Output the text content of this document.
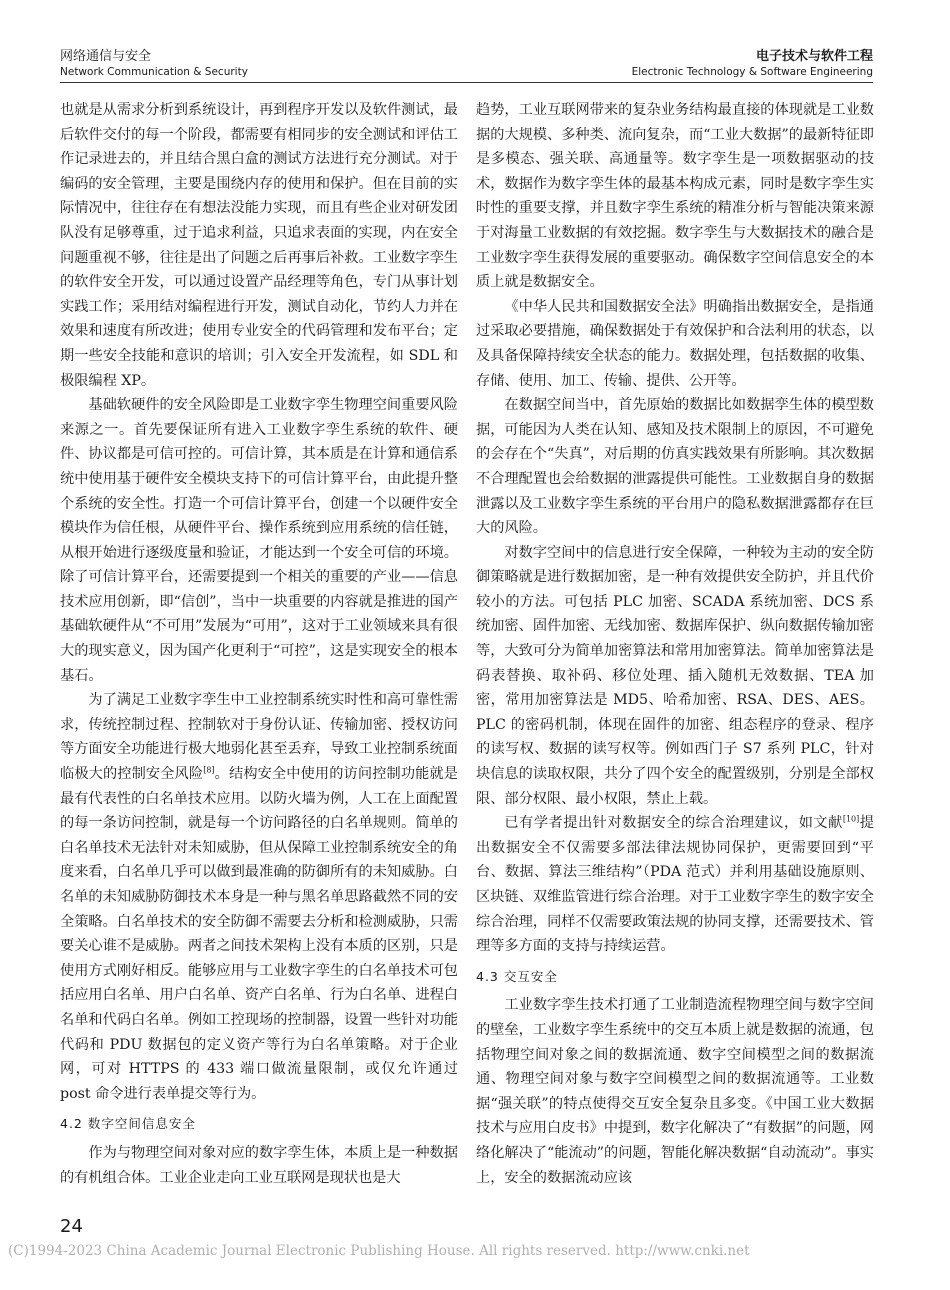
网络通信与安全
Network Communication & Security
电子技术与软件工程
Electronic Technology & Software Engineering

也就是从需求分析到系统设计，再到程序开发以及软件测试，最后软件交付的每一个阶段，都需要有相同步的安全测试和评估工作记录进去的，并且结合黑白盒的测试方法进行充分测试。对于编码的安全管理，主要是围绕内存的使用和保护。但在目前的实际情况中，往往存在有想法没能力实现，而且有些企业对研发团队没有足够尊重，过于追求利益，只追求表面的实现，内在安全问题重视不够，往往是出了问题之后再事后补救。工业数字孪生的软件安全开发，可以通过设置产品经理等角色，专门从事计划实践工作；采用结对编程进行开发，测试自动化，节约人力并在效果和速度有所改进；使用专业安全的代码管理和发布平台；定期一些安全技能和意识的培训；引入安全开发流程，如 SDL 和极限编程 XP。

基础软硬件的安全风险即是工业数字孪生物理空间重要风险来源之一。首先要保证所有进入工业数字孪生系统的软件、硬件、协议都是可信可控的。可信计算，其本质是在计算和通信系统中使用基于硬件安全模块支持下的可信计算平台，由此提升整个系统的安全性。打造一个可信计算平台，创建一个以硬件安全模块作为信任根，从硬件平台、操作系统到应用系统的信任链，从根开始进行逐级度量和验证，才能达到一个安全可信的环境。除了可信计算平台，还需要提到一个相关的重要的产业——信息技术应用创新，即“信创”，当中一块重要的内容就是推进的国产基础软硬件从“不可用”发展为“可用”，这对于工业领域来具有很大的现实意义，因为国产化更利于“可控”，这是实现安全的根本基石。

为了满足工业数字孪生中工业控制系统实时性和高可靠性需求，传统控制过程、控制软对于身份认证、传输加密、授权访问等方面安全功能进行极大地弱化甚至丢弃，导致工业控制系统面临极大的控制安全风险[8]。结构安全中使用的访问控制功能就是最有代表性的白名单技术应用。以防火墙为例，人工在上面配置的每一条访问控制，就是每一个访问路径的白名单规则。简单的白名单技术无法针对未知威胁，但从保障工业控制系统安全的角度来看，白名单几乎可以做到最准确的防御所有的未知威胁。白名单的未知威胁防御技术本身是一种与黑名单思路截然不同的安全策略。白名单技术的安全防御不需要去分析和检测威胁，只需要关心谁不是威胁。两者之间技术架构上没有本质的区别，只是使用方式刚好相反。能够应用与工业数字孪生的白名单技术可包括应用白名单、用户白名单、资产白名单、行为白名单、进程白名单和代码白名单。例如工控现场的控制器，设置一些针对功能代码和 PDU 数据包的定义资产等行为白名单策略。对于企业网，可对 HTTPS 的 433 端口做流量限制，或仅允许通过 post 命令进行表单提交等行为。

4.2 数字空间信息安全

作为与物理空间对象对应的数字孪生体，本质上是一种数据的有机组合体。工业企业走向工业互联网是现状也是大

趋势，工业互联网带来的复杂业务结构最直接的体现就是工业数据的大规模、多种类、流向复杂，而“工业大数据”的最新特征即是多模态、强关联、高通量等。数字孪生是一项数据驱动的技术，数据作为数字孪生体的最基本构成元素，同时是数字孪生实时性的重要支撑，并且数字孪生系统的精准分析与智能决策来源于对海量工业数据的有效挖掘。数字孪生与大数据技术的融合是工业数字孪生获得发展的重要驱动。确保数字空间信息安全的本质上就是数据安全。

《中华人民共和国数据安全法》明确指出数据安全，是指通过采取必要措施，确保数据处于有效保护和合法利用的状态，以及具备保障持续安全状态的能力。数据处理，包括数据的收集、存储、使用、加工、传输、提供、公开等。

在数据空间当中，首先原始的数据比如数据孪生体的模型数据，可能因为人类在认知、感知及技术限制上的原因，不可避免的会存在个“失真”，对后期的仿真实践效果有所影响。其次数据不合理配置也会给数据的泄露提供可能性。工业数据自身的数据泄露以及工业数字孪生系统的平台用户的隐私数据泄露都存在巨大的风险。

对数字空间中的信息进行安全保障，一种较为主动的安全防御策略就是进行数据加密，是一种有效提供安全防护，并且代价较小的方法。可包括 PLC 加密、SCADA 系统加密、DCS 系统加密、固件加密、无线加密、数据库保护、纵向数据传输加密等，大致可分为简单加密算法和常用加密算法。简单加密算法是码表替换、取补码、移位处理、插入随机无效数据、TEA 加密，常用加密算法是 MD5、哈希加密、RSA、DES、AES。PLC 的密码机制，体现在固件的加密、组态程序的登录、程序的读写权、数据的读写权等。例如西门子 S7 系列 PLC，针对块信息的读取权限，共分了四个安全的配置级别，分别是全部权限、部分权限、最小权限，禁止上载。

已有学者提出针对数据安全的综合治理建议，如文献[10]提出数据安全不仅需要多部法律法规协同保护，更需要回到“平台、数据、算法三维结构”（PDA 范式）并利用基础设施原则、区块链、双维监管进行综合治理。对于工业数字孪生的数字安全综合治理，同样不仅需要政策法规的协同支撑，还需要技术、管理等多方面的支持与持续运营。

4.3 交互安全

工业数字孪生技术打通了工业制造流程物理空间与数字空间的壁垒，工业数字孪生系统中的交互本质上就是数据的流通，包括物理空间对象之间的数据流通、数字空间模型之间的数据流通、物理空间对象与数字空间模型之间的数据流通等。工业数据“强关联”的特点使得交互安全复杂且多变。《中国工业大数据技术与应用白皮书》中提到，数字化解决了“有数据”的问题，网络化解决了“能流动”的问题，智能化解决数据“自动流动”。事实上，安全的数据流动应该

24
(C)1994-2023 China Academic Journal Electronic Publishing House. All rights reserved. http://www.cnki.net
